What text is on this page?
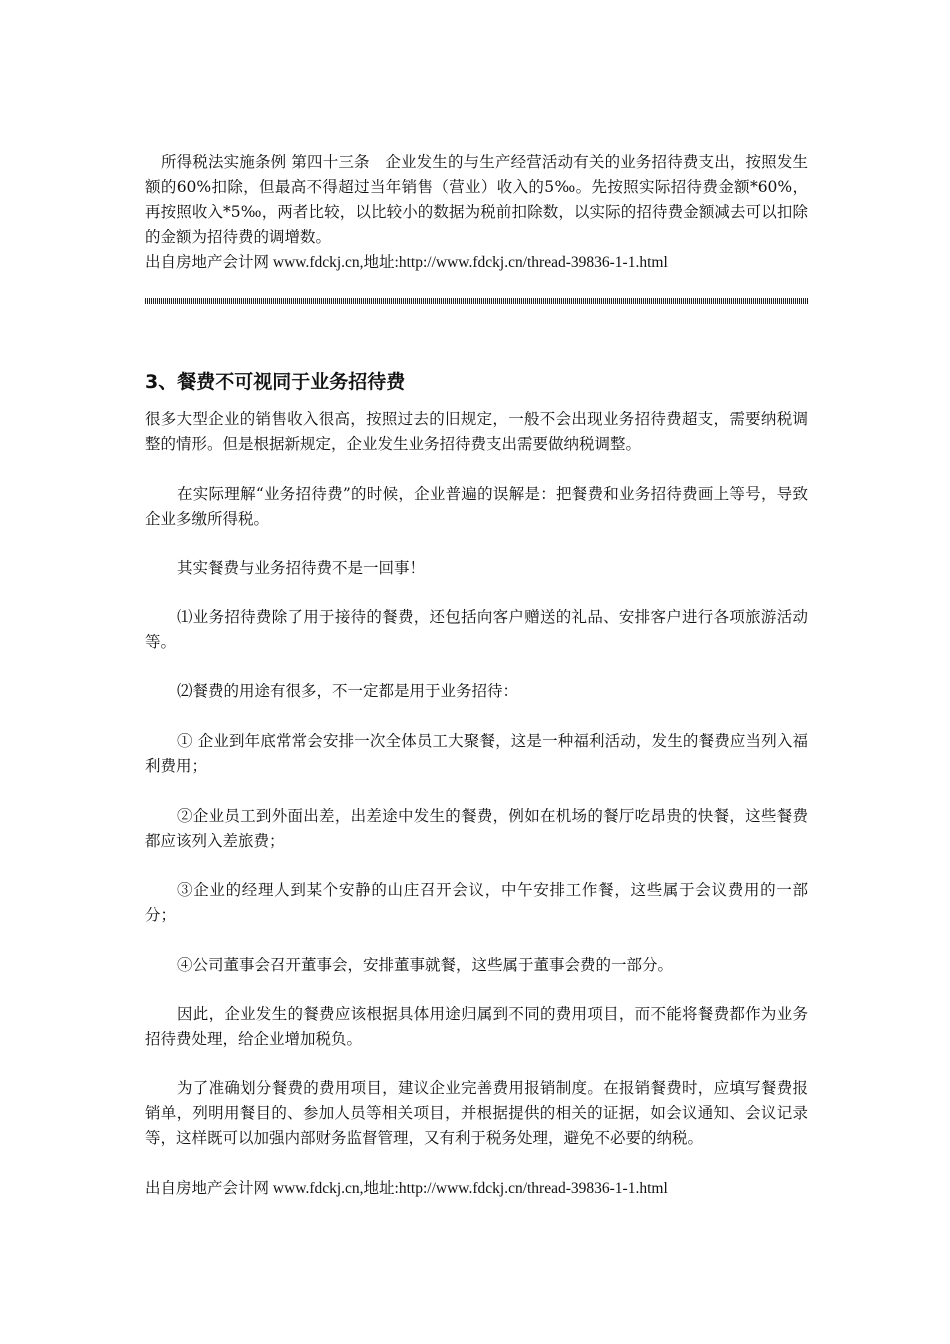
所得税法实施条例 第四十三条　企业发生的与生产经营活动有关的业务招待费支出，按照发生额的60%扣除，但最高不得超过当年销售（营业）收入的5‰。先按照实际招待费金额*60%，再按照收入*5‰，两者比较，以比较小的数据为税前扣除数，以实际的招待费金额减去可以扣除的金额为招待费的调增数。
出自房地产会计网 www.fdckj.cn,地址:http://www.fdckj.cn/thread-39836-1-1.html
3、餐费不可视同于业务招待费
很多大型企业的销售收入很高，按照过去的旧规定，一般不会出现业务招待费超支，需要纳税调整的情形。但是根据新规定，企业发生业务招待费支出需要做纳税调整。
在实际理解“业务招待费”的时候，企业普遍的误解是：把餐费和业务招待费画上等号，导致企业多缴所得税。
其实餐费与业务招待费不是一回事！
⑴业务招待费除了用于接待的餐费，还包括向客户赠送的礼品、安排客户进行各项旅游活动等。
⑵餐费的用途有很多，不一定都是用于业务招待：
① 企业到年底常常会安排一次全体员工大聚餐，这是一种福利活动，发生的餐费应当列入福利费用；
②企业员工到外面出差，出差途中发生的餐费，例如在机场的餐厅吃昂贵的快餐，这些餐费都应该列入差旅费；
③企业的经理人到某个安静的山庄召开会议，中午安排工作餐，这些属于会议费用的一部分；
④公司董事会召开董事会，安排董事就餐，这些属于董事会费的一部分。
因此，企业发生的餐费应该根据具体用途归属到不同的费用项目，而不能将餐费都作为业务招待费处理，给企业增加税负。
为了准确划分餐费的费用项目，建议企业完善费用报销制度。在报销餐费时，应填写餐费报销单，列明用餐目的、参加人员等相关项目，并根据提供的相关的证据，如会议通知、会议记录等，这样既可以加强内部财务监督管理，又有利于税务处理，避免不必要的纳税。
出自房地产会计网 www.fdckj.cn,地址:http://www.fdckj.cn/thread-39836-1-1.html
